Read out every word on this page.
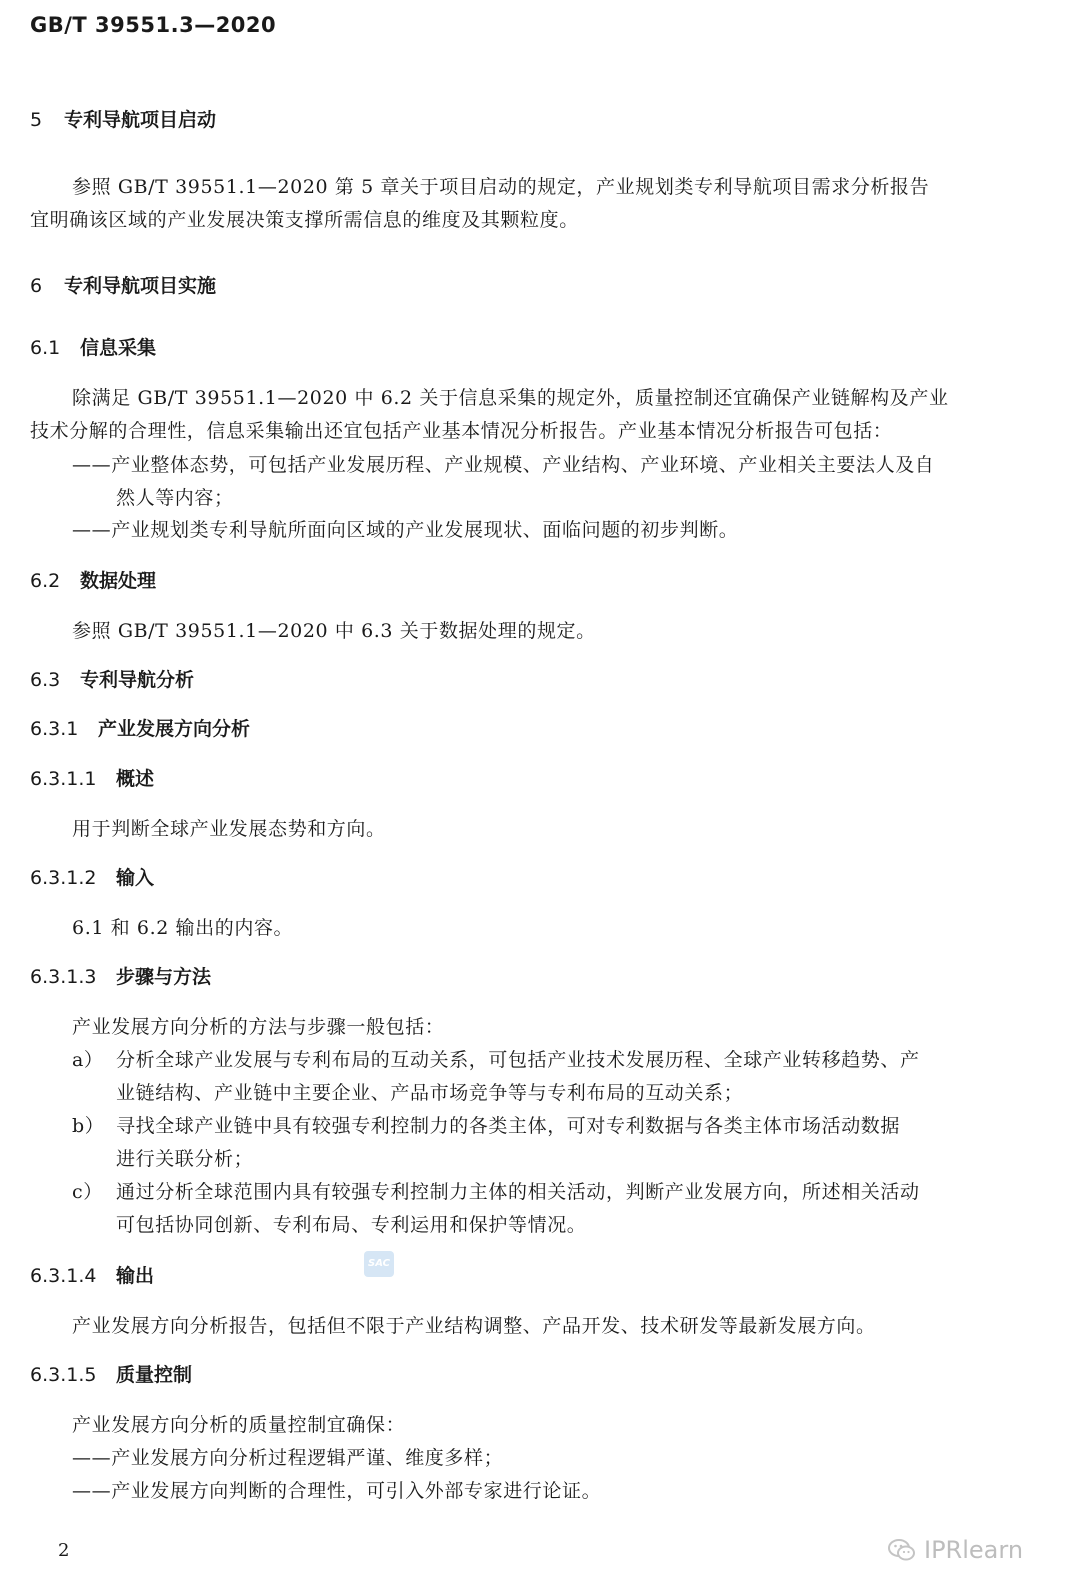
GB/T 39551.3—2020
5 专利导航项目启动
参照 GB/T 39551.1—2020 第 5 章关于项目启动的规定，产业规划类专利导航项目需求分析报告
宜明确该区域的产业发展决策支撑所需信息的维度及其颗粒度。
6 专利导航项目实施
6.1 信息采集
除满足 GB/T 39551.1—2020 中 6.2 关于信息采集的规定外，质量控制还宜确保产业链解构及产业
技术分解的合理性，信息采集输出还宜包括产业基本情况分析报告。产业基本情况分析报告可包括：
——产业整体态势，可包括产业发展历程、产业规模、产业结构、产业环境、产业相关主要法人及自
然人等内容；
——产业规划类专利导航所面向区域的产业发展现状、面临问题的初步判断。
6.2 数据处理
参照 GB/T 39551.1—2020 中 6.3 关于数据处理的规定。
6.3 专利导航分析
6.3.1 产业发展方向分析
6.3.1.1 概述
用于判断全球产业发展态势和方向。
6.3.1.2 输入
6.1 和 6.2 输出的内容。
6.3.1.3 步骤与方法
产业发展方向分析的方法与步骤一般包括：
a） 分析全球产业发展与专利布局的互动关系，可包括产业技术发展历程、全球产业转移趋势、产
业链结构、产业链中主要企业、产品市场竞争等与专利布局的互动关系；
b） 寻找全球产业链中具有较强专利控制力的各类主体，可对专利数据与各类主体市场活动数据
进行关联分析；
c） 通过分析全球范围内具有较强专利控制力主体的相关活动，判断产业发展方向，所述相关活动
可包括协同创新、专利布局、专利运用和保护等情况。
SAC
6.3.1.4 输出
产业发展方向分析报告，包括但不限于产业结构调整、产品开发、技术研发等最新发展方向。
6.3.1.5 质量控制
产业发展方向分析的质量控制宜确保：
——产业发展方向分析过程逻辑严谨、维度多样；
——产业发展方向判断的合理性，可引入外部专家进行论证。
2	IPRlearn
